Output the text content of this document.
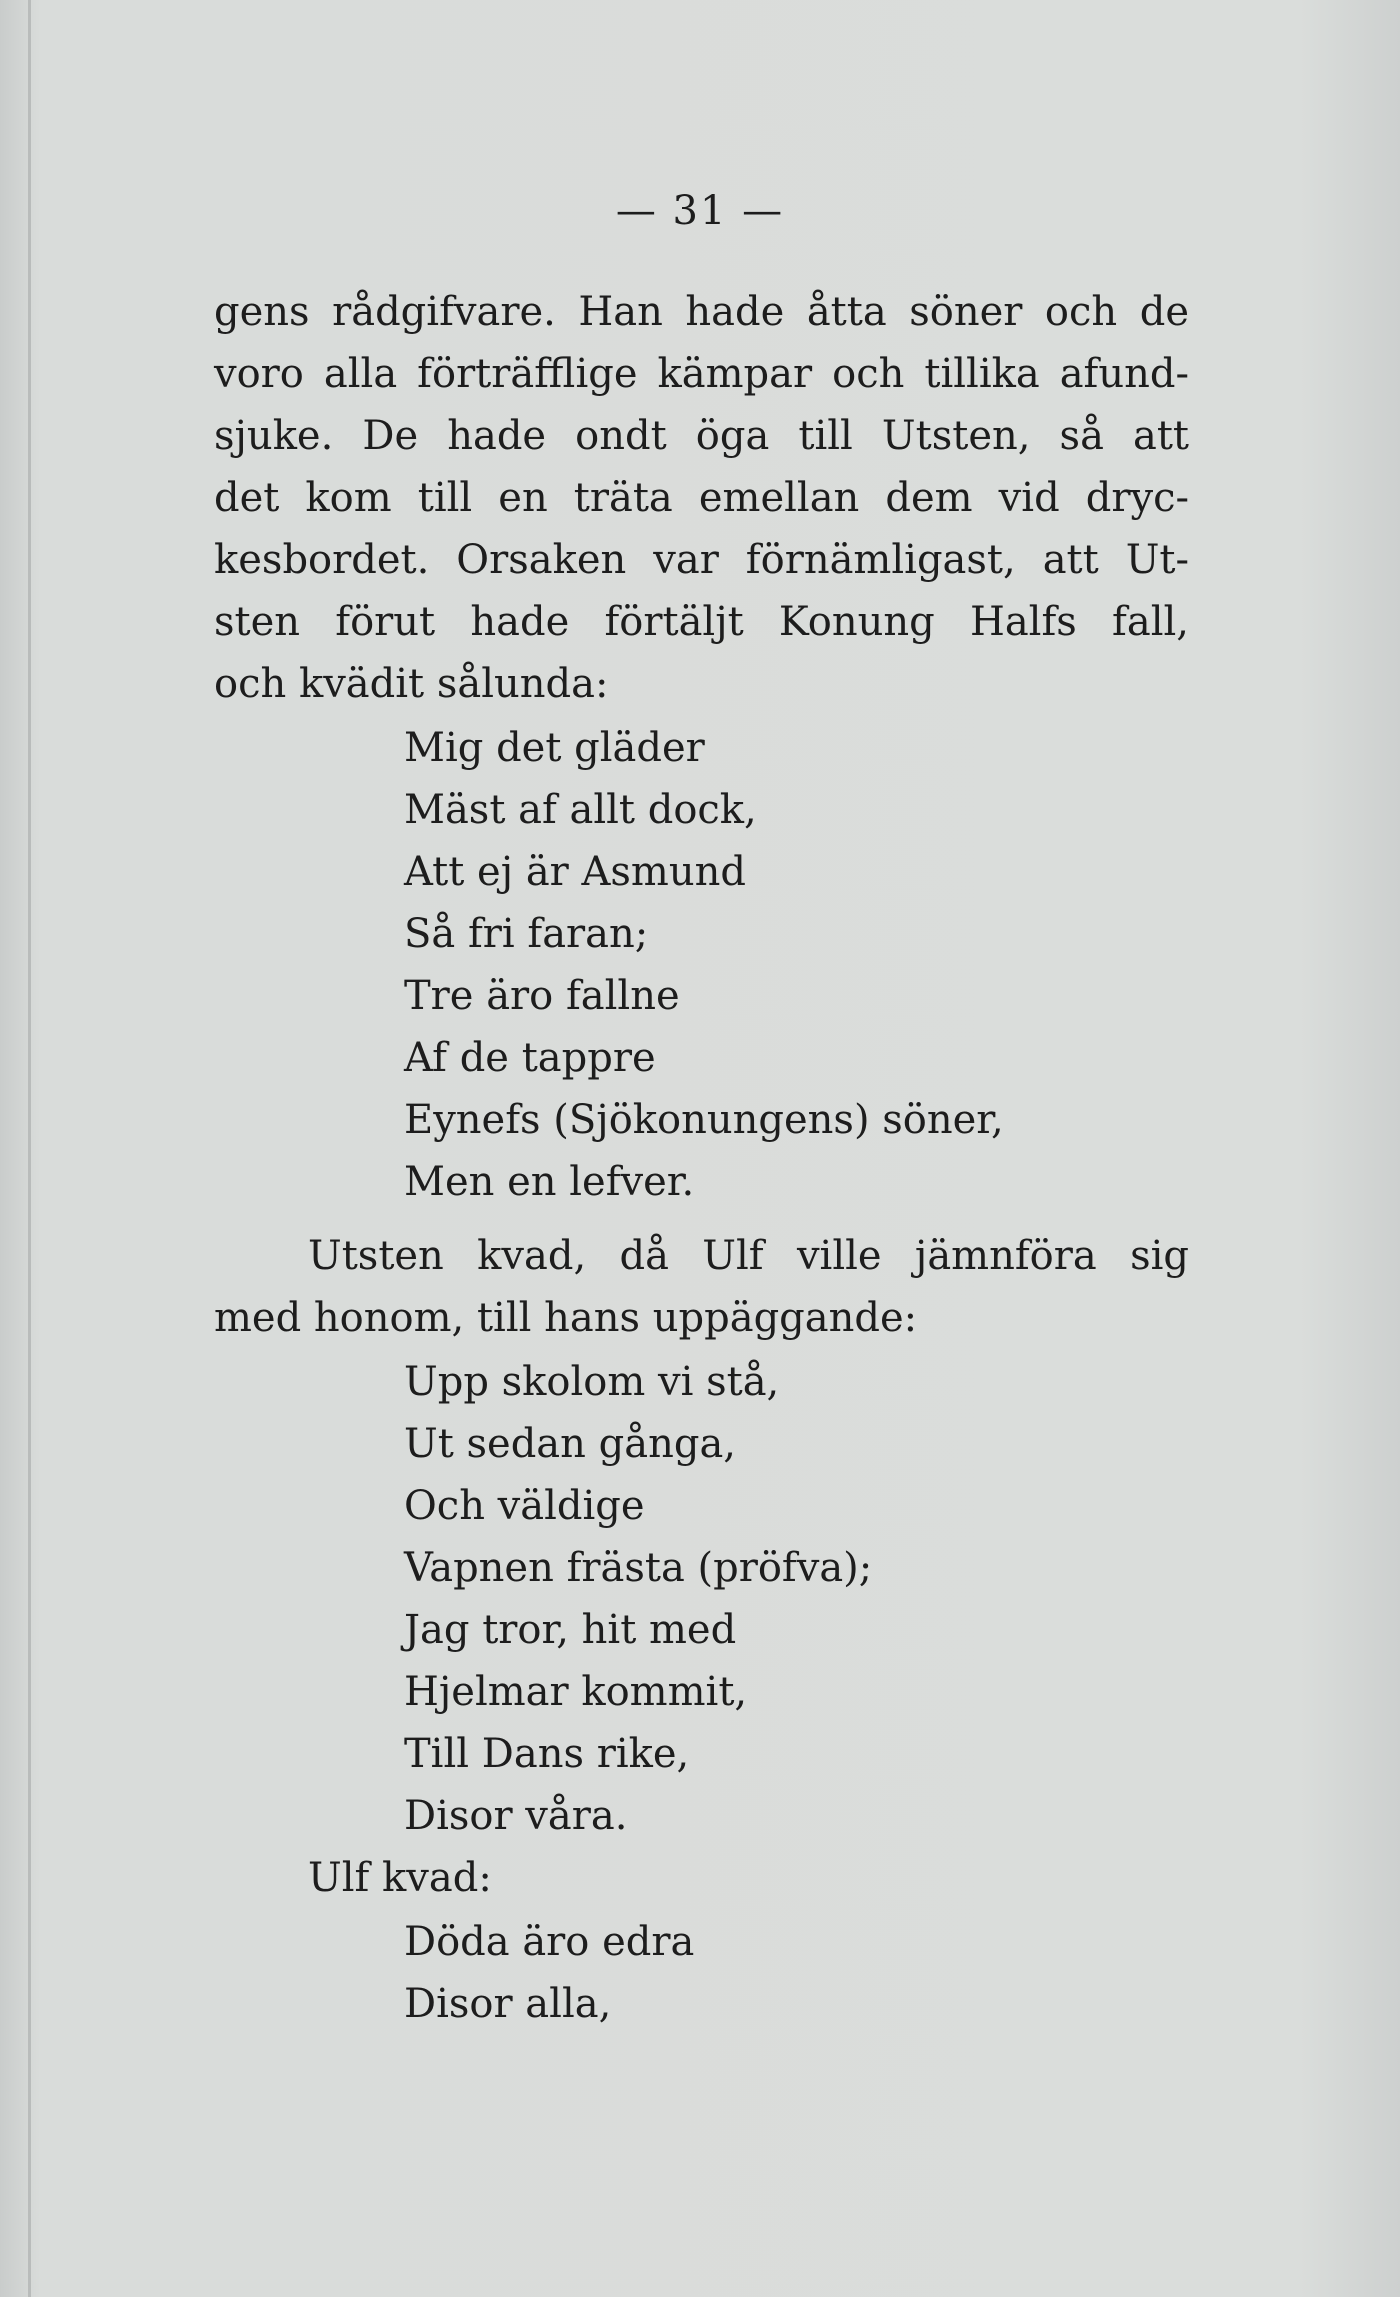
— 31 —
gens rådgifvare. Han hade åtta söner och de
voro alla förträfflige kämpar och tillika afund-
sjuke. De hade ondt öga till Utsten, så att
det kom till en träta emellan dem vid dryc-
kesbordet. Orsaken var förnämligast, att Ut-
sten förut hade förtäljt Konung Halfs fall,
och kvädit sålunda:
Mig det gläder
Mäst af allt dock,
Att ej är Asmund
Så fri faran;
Tre äro fallne
Af de tappre
Eynefs (Sjökonungens) söner,
Men en lefver.
Utsten kvad, då Ulf ville jämnföra sig
med honom, till hans uppäggande:
Upp skolom vi stå,
Ut sedan gånga,
Och väldige
Vapnen frästa (pröfva);
Jag tror, hit med
Hjelmar kommit,
Till Dans rike,
Disor våra.
Ulf kvad:
Döda äro edra
Disor alla,
